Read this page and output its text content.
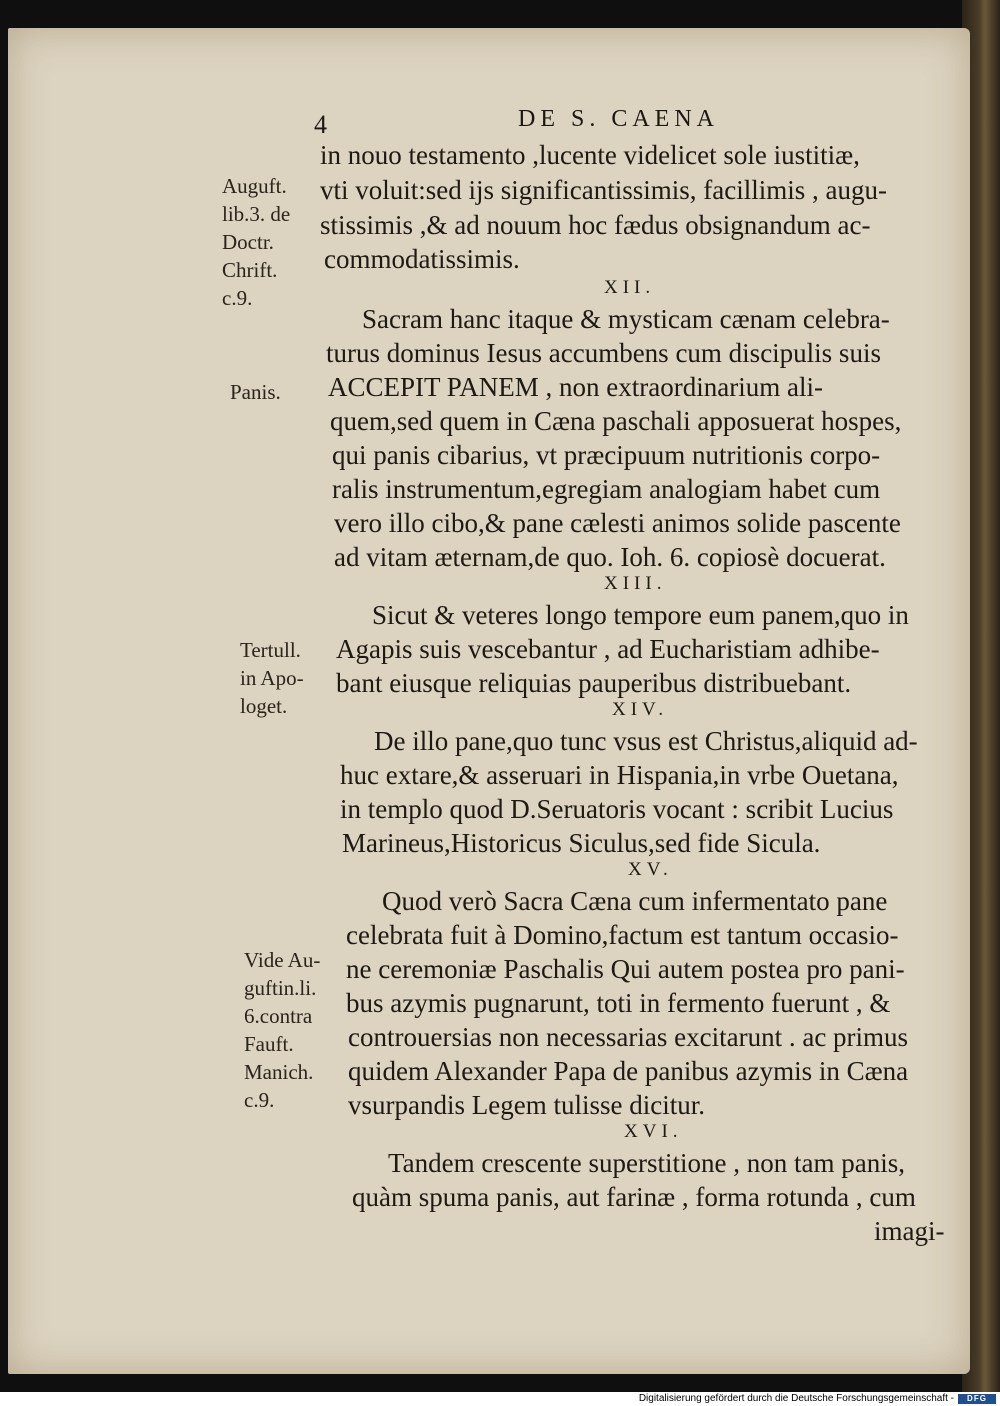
4	DE S. CAENA
Auguft.
lib.3. de
Doctr.
Chrift.
c.9.
Panis.
Tertull.
in Apo-
loget.
Vide Au-
guftin.li.
6.contra
Fauft.
Manich.
c.9.
in nouo testamento ,lucente videlicet sole iustitiæ,
vti voluit:sed ijs significantissimis, facillimis , augu-
stissimis ,& ad nouum hoc fædus obsignandum ac-
commodatissimis.
XII.
Sacram hanc itaque & mysticam cænam celebra-
turus dominus Iesus accumbens cum discipulis suis
ACCEPIT PANEM , non extraordinarium ali-
quem,sed quem in Cæna paschali apposuerat hospes,
qui panis cibarius, vt præcipuum nutritionis corpo-
ralis instrumentum,egregiam analogiam habet cum
vero illo cibo,& pane cælesti animos solide pascente
ad vitam æternam,de quo. Ioh. 6. copiosè docuerat.
XIII.
Sicut & veteres longo tempore eum panem,quo in
Agapis suis vescebantur , ad Eucharistiam adhibe-
bant eiusque reliquias pauperibus distribuebant.
XIV.
De illo pane,quo tunc vsus est Christus,aliquid ad-
huc extare,& asseruari in Hispania,in vrbe Ouetana,
in templo quod D.Seruatoris vocant : scribit Lucius
Marineus,Historicus Siculus,sed fide Sicula.
XV.
Quod verò Sacra Cæna cum infermentato pane
celebrata fuit à Domino,factum est tantum occasio-
ne ceremoniæ Paschalis Qui autem postea pro pani-
bus azymis pugnarunt, toti in fermento fuerunt , &
controuersias non necessarias excitarunt . ac primus
quidem Alexander Papa de panibus azymis in Cæna
vsurpandis Legem tulisse dicitur.
XVI.
Tandem crescente superstitione , non tam panis,
quàm spuma panis, aut farinæ , forma rotunda , cum
imagi-
Digitalisierung gefördert durch die Deutsche Forschungsgemeinschaft -	DFG
